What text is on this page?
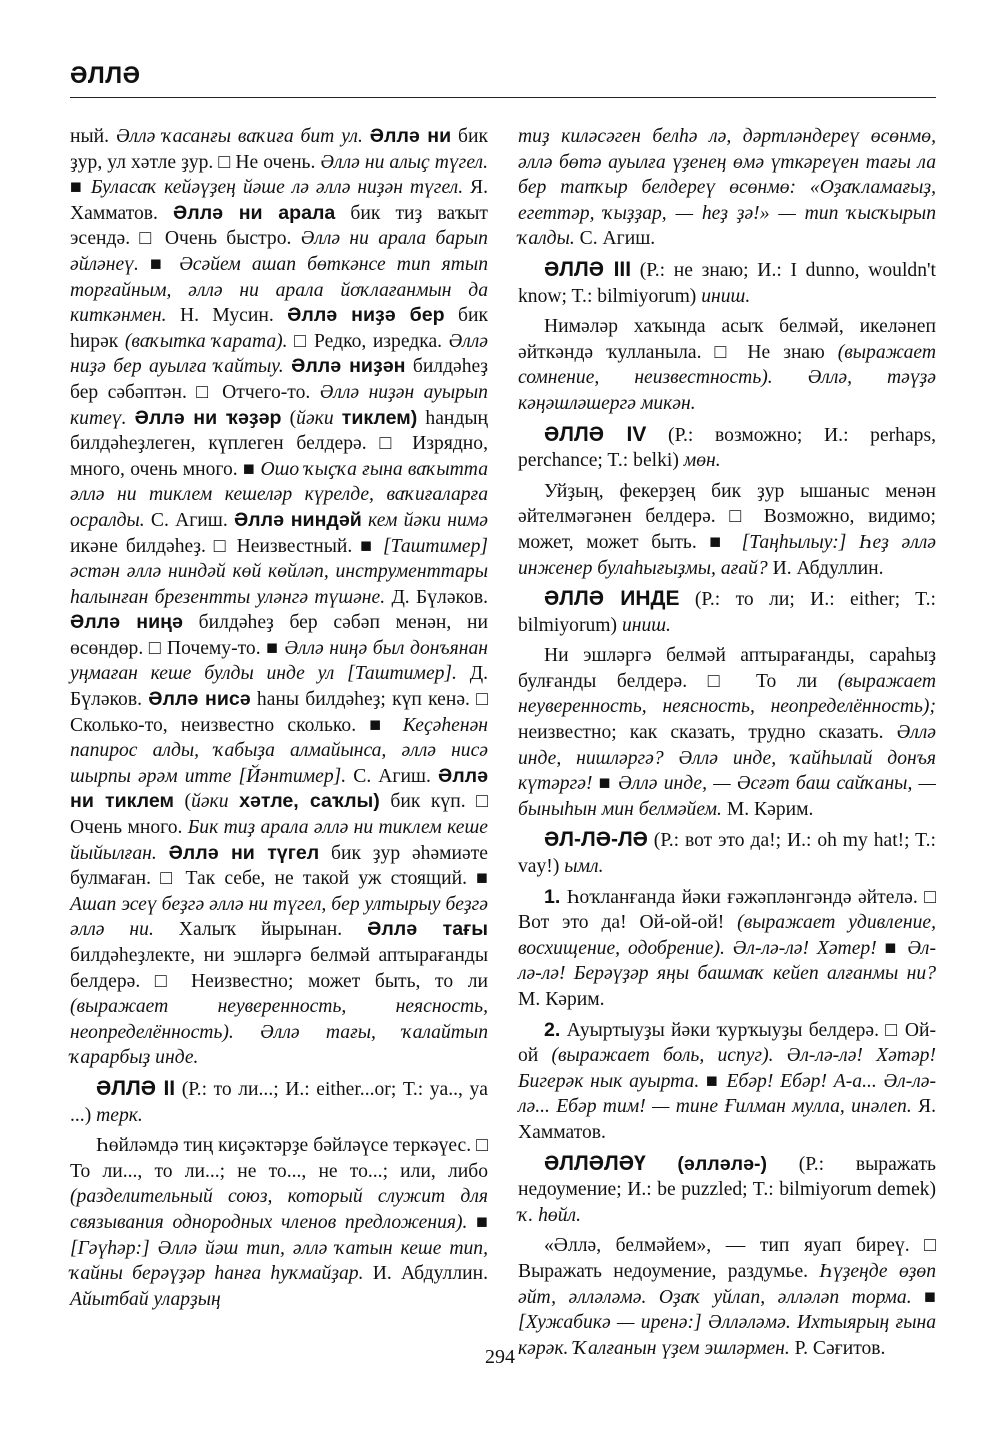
ӘЛЛӘ

ный. Әллә ҡасанғы ваҡиға бит ул. Әллә ни бик ҙур, ул хәтле ҙур. □ Не очень. Әллә ни алыҫ түгел. ■ Буласаҡ кейәүҙең йәше лә әллә ниҙән түгел. Я. Хамматов. Әллә ни арала бик тиҙ ваҡыт эсендә. □ Очень быстро. Әллә ни арала барып әйләнеү. ■ Әсәйем ашап бөткәнсе тип ятып торғайным, әллә ни арала йоҡлағанмын да киткәнмен. Н. Мусин. Әллә ниҙә бер бик һирәк (ваҡытка ҡарата). □ Редко, изредка. Әллә ниҙә бер ауылға ҡайтыу. Әллә ниҙән билдәһеҙ бер сәбәптән. □ Отчего-то. Әллә ниҙән ауырып китеү. Әллә ни ҡәҙәр (йәки тиклем) һандың билдәһеҙлеген, күплеген белдерә. □ Изрядно, много, очень много. ■ Ошо ҡыҫҡа ғына ваҡытта әллә ни тиклем кешеләр күрелде, ваҡиғаларға осралды. С. Агиш. Әллә ниндәй кем йәки нимә икәне билдәһеҙ. □ Неизвестный. ■ [Таштимер] әстән әллә ниндәй көй көйләп, инструменттары һалынған брезентты уләнгә түшәне. Д. Бүләков. Әллә ниңә билдәһеҙ бер сәбәп менән, ни өсөндөр. □ Почему-то. ■ Әллә ниңә был донъянан уңмаған кеше булды инде ул [Таштимер]. Д. Бүләков. Әллә нисә һаны билдәһеҙ; күп кенә. □ Сколько-то, неизвестно сколько. ■ Кеҫәһенән папирос алды, ҡабыҙа алмайынса, әллә нисә шырпы әрәм итте [Йәнтимер]. С. Агиш. Әллә ни тиклем (йәки хәтле, саҡлы) бик күп. □ Очень много. Бик тиҙ арала әллә ни тиклем кеше йыйылған. Әллә ни түгел бик ҙур әһәмиәте булмаған. □ Так себе, не такой уж стоящий. ■ Ашап эсеү беҙгә әллә ни түгел, бер ултырыу беҙгә әллә ни. Халыҡ йырынан. Әллә тағы билдәһеҙлекте, ни эшләргә белмәй аптырағанды белдерә. □ Неизвестно; может быть, то ли (выражает неуверенность, неясность, неопределённость). Әллә тағы, ҡалайтып ҡарарбыҙ инде.

ӘЛЛӘ II (Р.: то ли...; И.: either...or; Т.: ya.., ya ...) терк.

Һөйләмдә тиң киҫәктәрҙе бәйләүсе теркәүес. □ То ли..., то ли...; не то..., не то...; или, либо (разделительный союз, который служит для связывания однородных членов предложения). ■ [Гәүһәр:] Әллә йәш тип, әллә ҡатын кеше тип, ҡайны берәүҙәр һанға һуҡмайҙар. И. Абдуллин. Айытбай уларҙың

тиҙ киләсәген белһә лә, дәртләндереү өсөнмө, әллә бөтә ауылға үҙенең өмә үткәреүен тағы ла бер тапҡыр белдереү өсөнмө: «Оҙаҡламағыҙ, егеттәр, ҡыҙҙар, — һеҙ ҙә!» — тип ҡысҡырып ҡалды. С. Агиш.

ӘЛЛӘ III (Р.: не знаю; И.: I dunno, wouldn't know; T.: bilmiyorum) иниш.

Нимәләр хаҡында асыҡ белмәй, икеләнеп әйткәндә ҡулланыла. □ Не знаю (выражает сомнение, неизвестность). Әллә, тәүҙә кәңәшләшергә микән.

ӘЛЛӘ IV (Р.: возможно; И.: perhaps, perchance; T.: belki) мөн.

Уйҙың, фекерҙең бик ҙур ышаныс менән әйтелмәгәнен белдерә. □ Возможно, видимо; может, может быть. ■ [Таңһылыу:] Һеҙ әллә инженер булаһығыҙмы, ағай? И. Абдуллин.

ӘЛЛӘ ИНДЕ (Р.: то ли; И.: either; T.: bilmiyorum) иниш.

Ни эшләргә белмәй аптырағанды, сараһыҙ булғанды белдерә. □ То ли (выражает неуверенность, неясность, неопределённость); неизвестно; как сказать, трудно сказать. Әллә инде, нишләргә? Әллә инде, ҡайһылай донъя күтәргә! ■ Әллә инде, — Әсғәт баш сайҡаны, — быныһын мин белмәйем. М. Кәрим.

ӘЛ-ЛӘ-ЛӘ (Р.: вот это да!; И.: oh my hat!; T.: vay!) ымл.

1. Һоҡланғанда йәки ғәжәпләнгәндә әйтелә. □ Вот это да! Ой-ой-ой! (выражает удивление, восхищение, одобрение). Әл-лә-лә! Хәтер! ■ Әл-лә-лә! Берәүҙәр яңы башмаҡ кейеп алғанмы ни? М. Кәрим.

2. Ауыртыуҙы йәки ҡурҡыуҙы белдерә. □ Ой-ой (выражает боль, испуг). Әл-лә-лә! Хәтәр! Бигерәк нык ауырта. ■ Ебәр! Ебәр! А-а... Әл-лә-лә... Ебәр тим! — тине Ғилман мулла, инәлеп. Я. Хамматов.

ӘЛЛӘЛӘҮ (әлләлә-) (Р.: выражать недоумение; И.: be puzzled; T.: bilmiyorum demek) ҡ. һөйл.

«Әллә, белмәйем», — тип яуап биреү. □ Выражать недоумение, раздумье. Һүҙеңде өҙөп әйт, әлләләмә. Оҙаҡ уйлап, әлләләп торма. ■ [Хужабикә — иренә:] Әлләләмә. Ихтыярың ғына кәрәк. Ҡалғанын үҙем эшләрмен. Р. Сәғитов.

294
